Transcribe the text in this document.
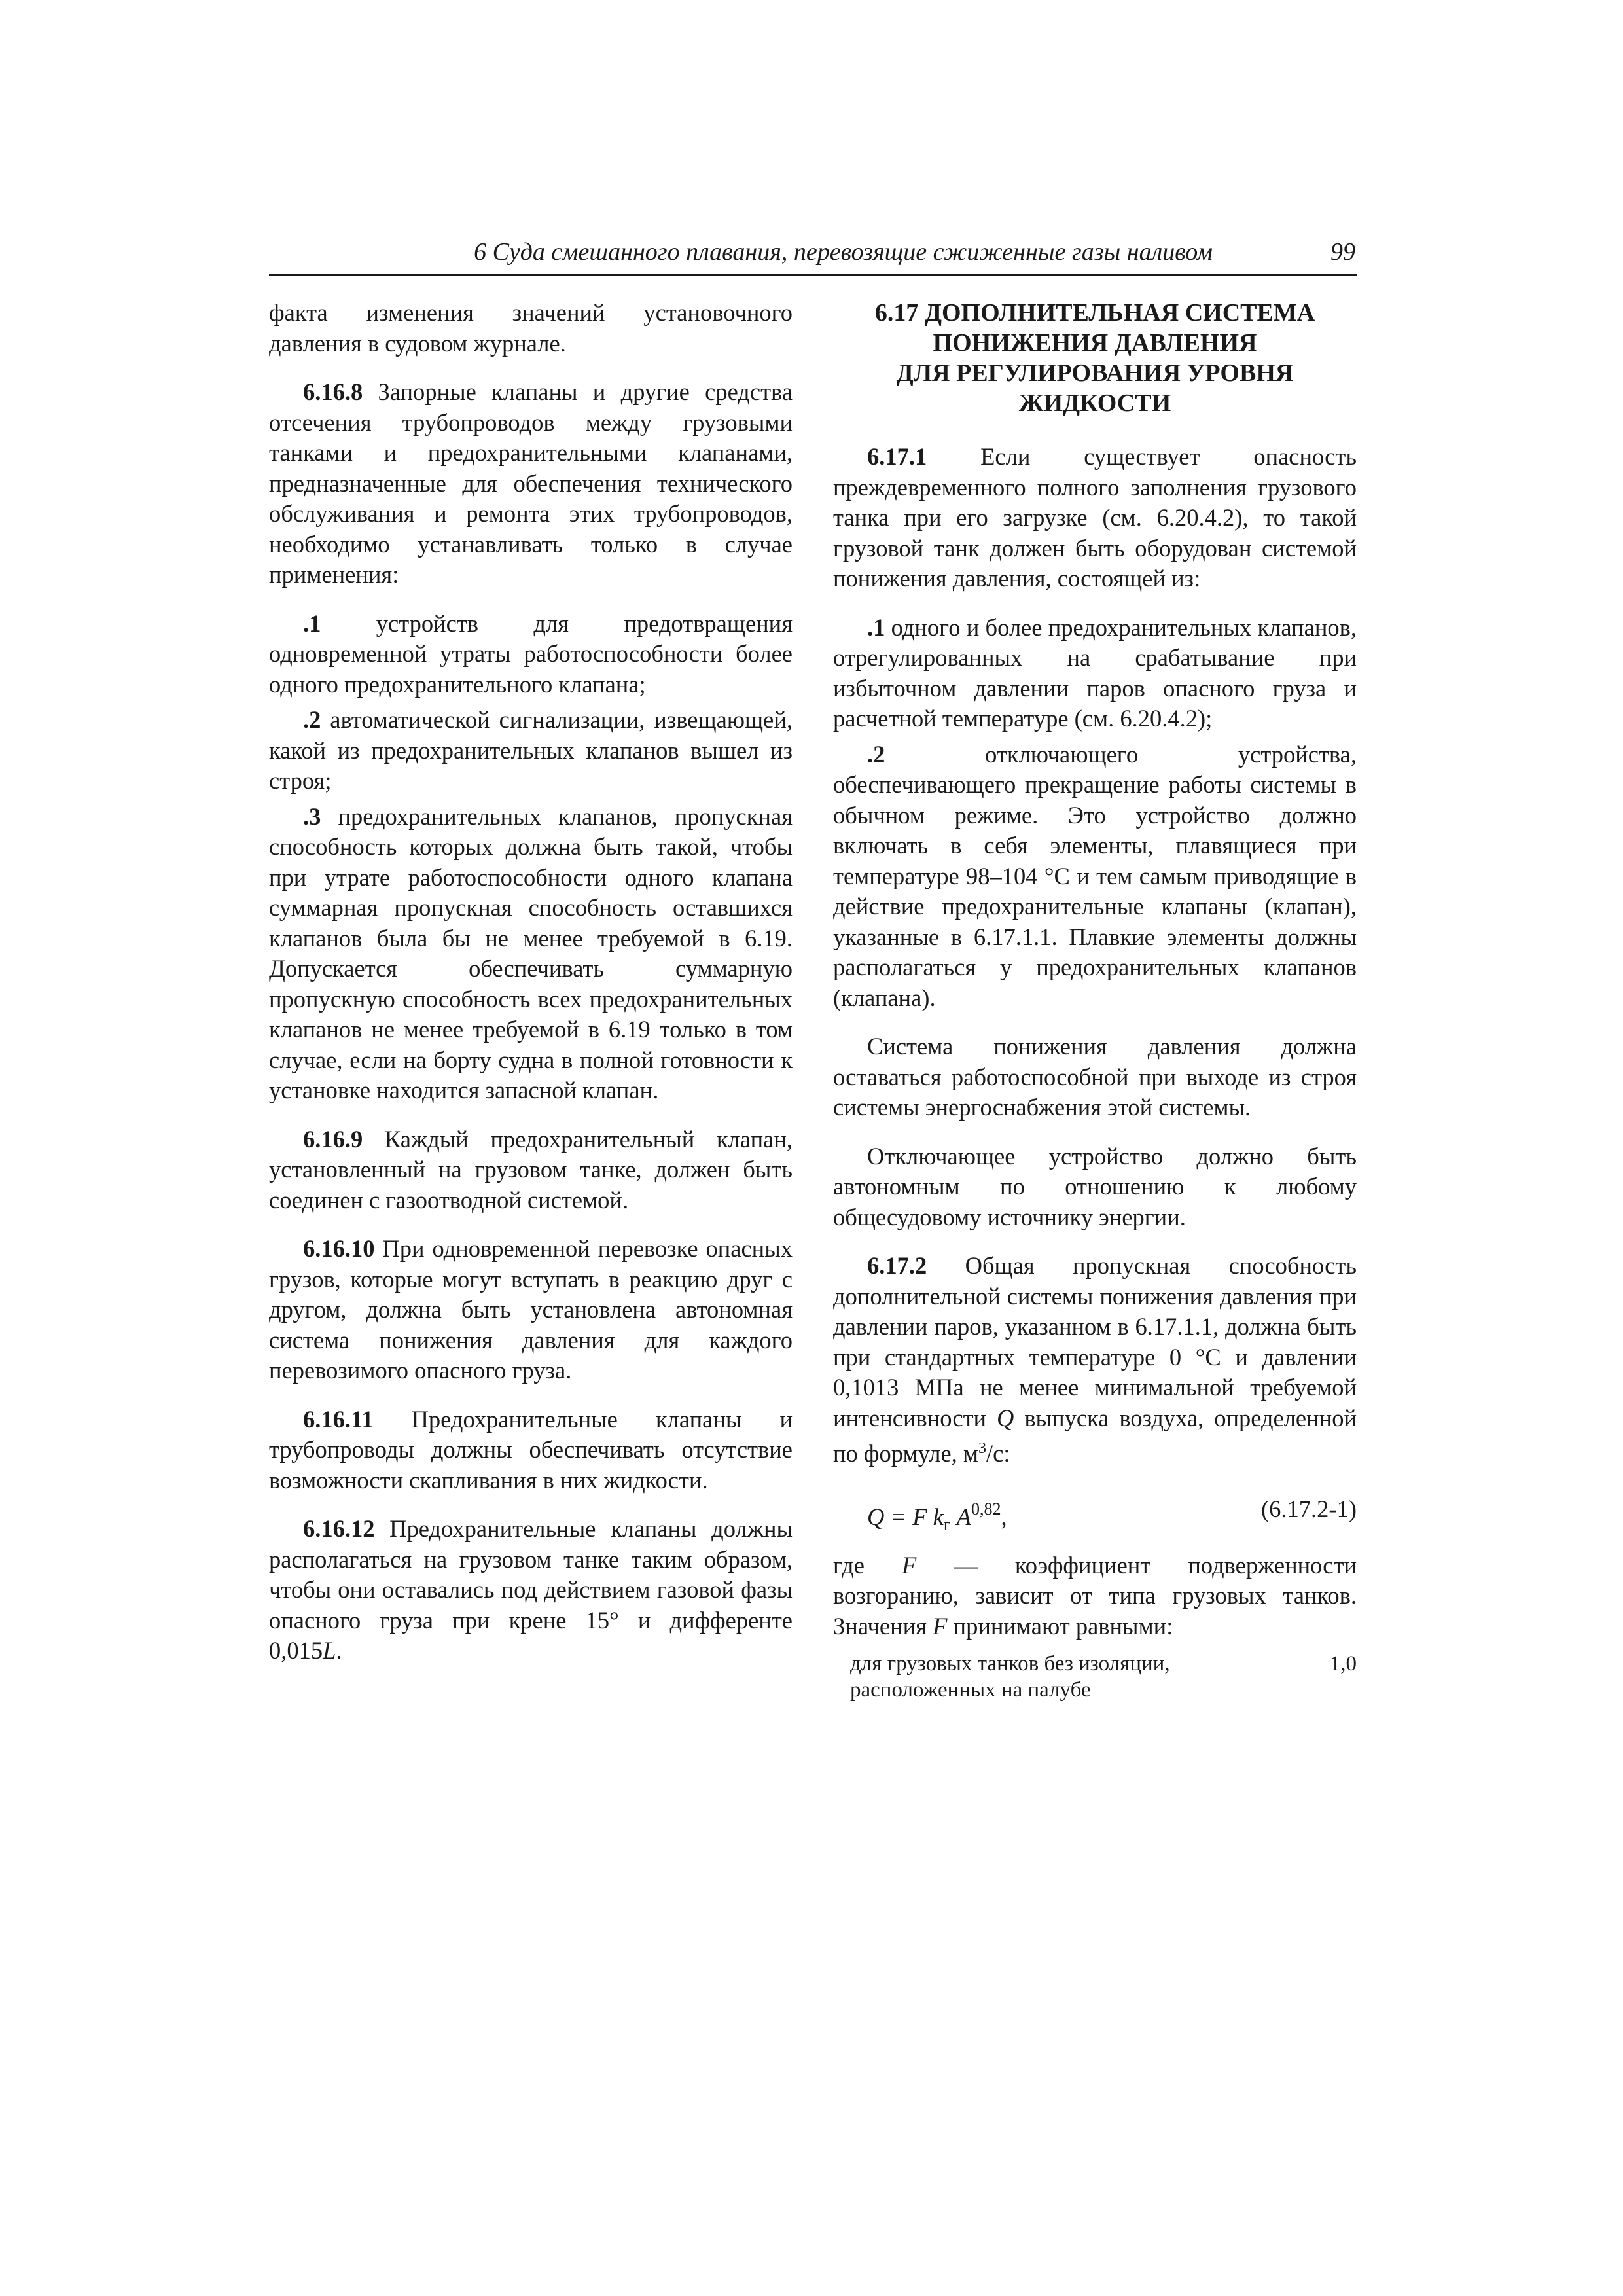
6 Суда смешанного плавания, перевозящие сжиженные газы наливом	99

факта изменения значений установочного давления в судовом журнале.

6.16.8 Запорные клапаны и другие средства отсечения трубопроводов между грузовыми танками и предохранительными клапанами, предназначенные для обеспечения технического обслуживания и ремонта этих трубопроводов, необходимо устанавливать только в случае применения:

.1 устройств для предотвращения одновременной утраты работоспособности более одного предохранительного клапана;

.2 автоматической сигнализации, извещающей, какой из предохранительных клапанов вышел из строя;

.3 предохранительных клапанов, пропускная способность которых должна быть такой, чтобы при утрате работоспособности одного клапана суммарная пропускная способность оставшихся клапанов была бы не менее требуемой в 6.19. Допускается обеспечивать суммарную пропускную способность всех предохранительных клапанов не менее требуемой в 6.19 только в том случае, если на борту судна в полной готовности к установке находится запасной клапан.

6.16.9 Каждый предохранительный клапан, установленный на грузовом танке, должен быть соединен с газоотводной системой.

6.16.10 При одновременной перевозке опасных грузов, которые могут вступать в реакцию друг с другом, должна быть установлена автономная система понижения давления для каждого перевозимого опасного груза.

6.16.11 Предохранительные клапаны и трубопроводы должны обеспечивать отсутствие возможности скапливания в них жидкости.

6.16.12 Предохранительные клапаны должны располагаться на грузовом танке таким образом, чтобы они оставались под действием газовой фазы опасного груза при крене 15° и дифференте 0,015L.

6.17 ДОПОЛНИТЕЛЬНАЯ СИСТЕМА
ПОНИЖЕНИЯ ДАВЛЕНИЯ
ДЛЯ РЕГУЛИРОВАНИЯ УРОВНЯ
ЖИДКОСТИ

6.17.1 Если существует опасность преждевременного полного заполнения грузового танка при его загрузке (см. 6.20.4.2), то такой грузовой танк должен быть оборудован системой понижения давления, состоящей из:

.1 одного и более предохранительных клапанов, отрегулированных на срабатывание при избыточном давлении паров опасного груза и расчетной температуре (см. 6.20.4.2);

.2 отключающего устройства, обеспечивающего прекращение работы системы в обычном режиме. Это устройство должно включать в себя элементы, плавящиеся при температуре 98–104 °С и тем самым приводящие в действие предохранительные клапаны (клапан), указанные в 6.17.1.1. Плавкие элементы должны располагаться у предохранительных клапанов (клапана).

Система понижения давления должна оставаться работоспособной при выходе из строя системы энергоснабжения этой системы.

Отключающее устройство должно быть автономным по отношению к любому общесудовому источнику энергии.

6.17.2 Общая пропускная способность дополнительной системы понижения давления при давлении паров, указанном в 6.17.1.1, должна быть при стандартных температуре 0 °С и давлении 0,1013 МПа не менее минимальной требуемой интенсивности Q выпуска воздуха, определенной по формуле, $м^3/с$:

Q = F $k_г$ A$^{0,82}$,	(6.17.2-1)

где F — коэффициент подверженности возгоранию, зависит от типа грузовых танков. Значения F принимают равными:

для грузовых танков без изоляции, расположенных на палубе
1,0
